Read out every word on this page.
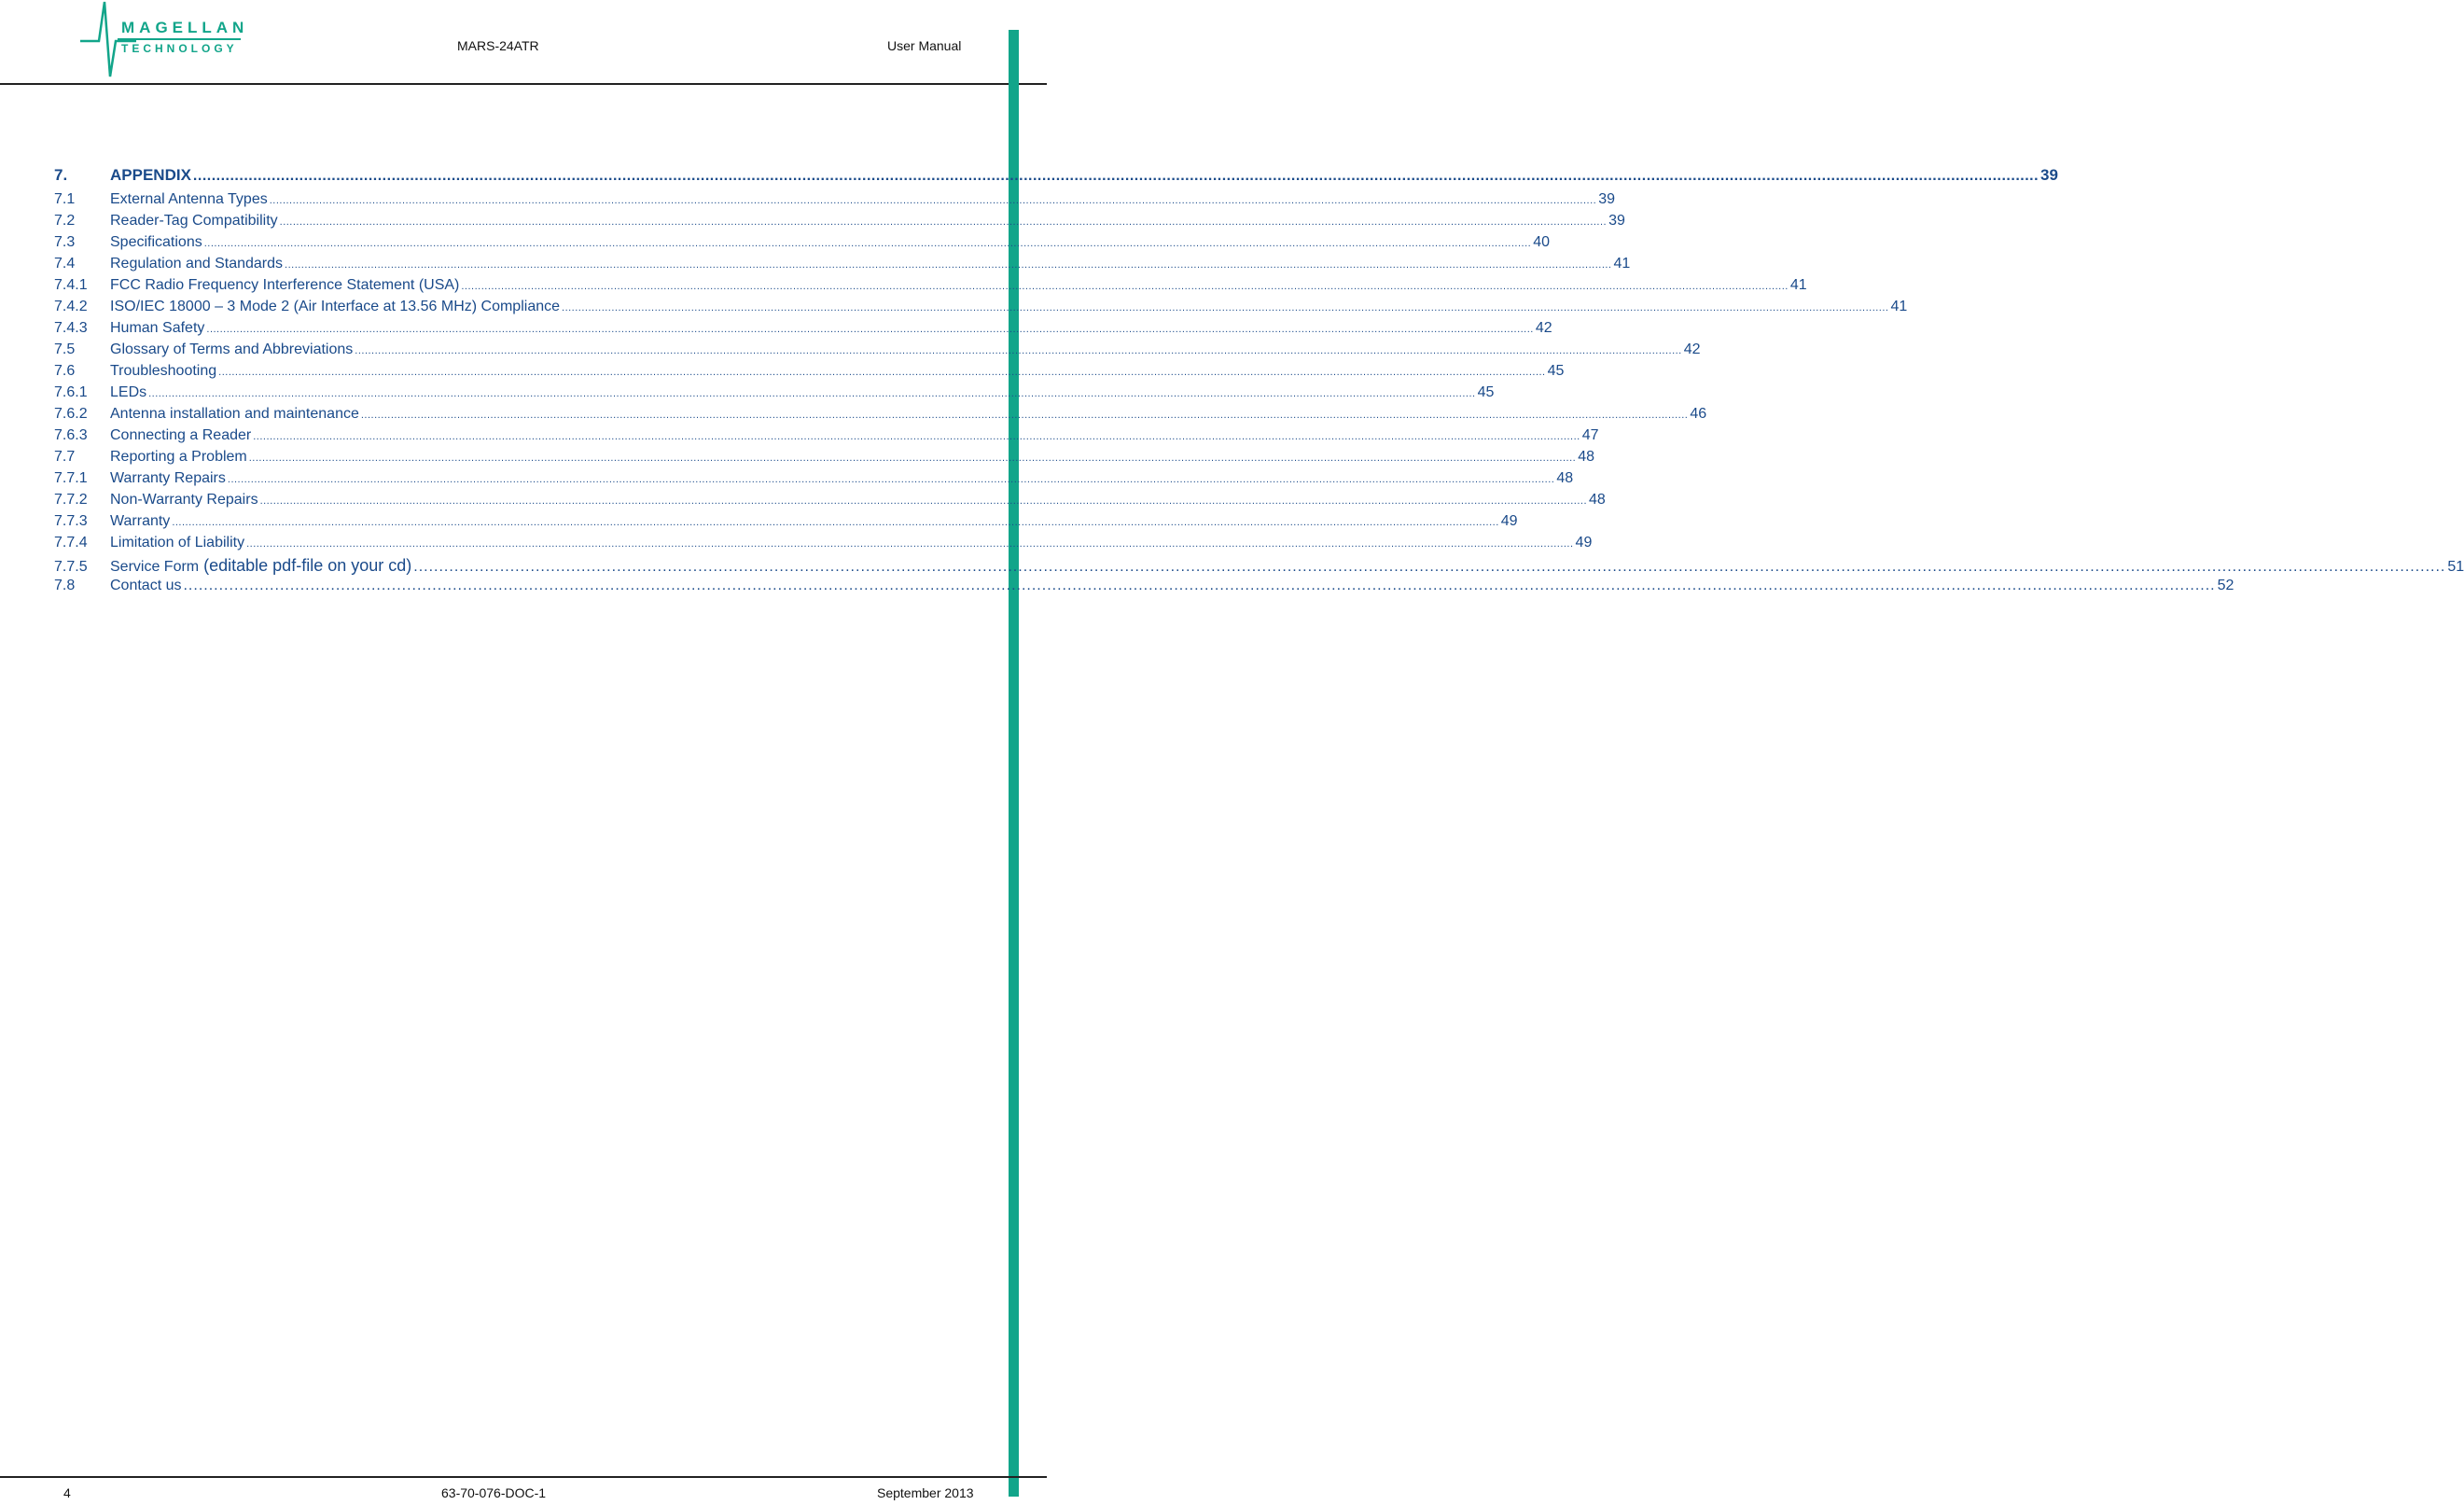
MAGELLAN
TECHNOLOGY	MARS-24ATR	User Manual
7.	APPENDIX ................................................................................................................................................................................................................................................................................................................................................................................................................ 39
7.1	External Antenna Types ................................................................................................................................................................................................................................................................................................................................................................................................................ 39
7.2	Reader-Tag Compatibility ................................................................................................................................................................................................................................................................................................................................................................................................................ 39
7.3	Specifications ................................................................................................................................................................................................................................................................................................................................................................................................................ 40
7.4	Regulation and Standards ................................................................................................................................................................................................................................................................................................................................................................................................................ 41
7.4.1	FCC Radio Frequency Interference Statement (USA) ................................................................................................................................................................................................................................................................................................................................................................................................................ 41
7.4.2	ISO/IEC 18000 – 3 Mode 2 (Air Interface at 13.56 MHz) Compliance ................................................................................................................................................................................................................................................................................................................................................................................................................ 41
7.4.3	Human Safety ................................................................................................................................................................................................................................................................................................................................................................................................................ 42
7.5	Glossary of Terms and Abbreviations ................................................................................................................................................................................................................................................................................................................................................................................................................ 42
7.6	Troubleshooting ................................................................................................................................................................................................................................................................................................................................................................................................................ 45
7.6.1	LEDs ................................................................................................................................................................................................................................................................................................................................................................................................................ 45
7.6.2	Antenna installation and maintenance ................................................................................................................................................................................................................................................................................................................................................................................................................ 46
7.6.3	Connecting a Reader ................................................................................................................................................................................................................................................................................................................................................................................................................ 47
7.7	Reporting a Problem ................................................................................................................................................................................................................................................................................................................................................................................................................ 48
7.7.1	Warranty Repairs ................................................................................................................................................................................................................................................................................................................................................................................................................ 48
7.7.2	Non-Warranty Repairs ................................................................................................................................................................................................................................................................................................................................................................................................................ 48
7.7.3	Warranty ................................................................................................................................................................................................................................................................................................................................................................................................................ 49
7.7.4	Limitation of Liability ................................................................................................................................................................................................................................................................................................................................................................................................................ 49
7.7.5	Service Form (editable pdf-file on your cd) ................................................................................................................................................................................................................................................................................................................................................................................................................ 51
7.8	Contact us ................................................................................................................................................................................................................................................................................................................................................................................................................ 52
4	63-70-076-DOC-1	September 2013
